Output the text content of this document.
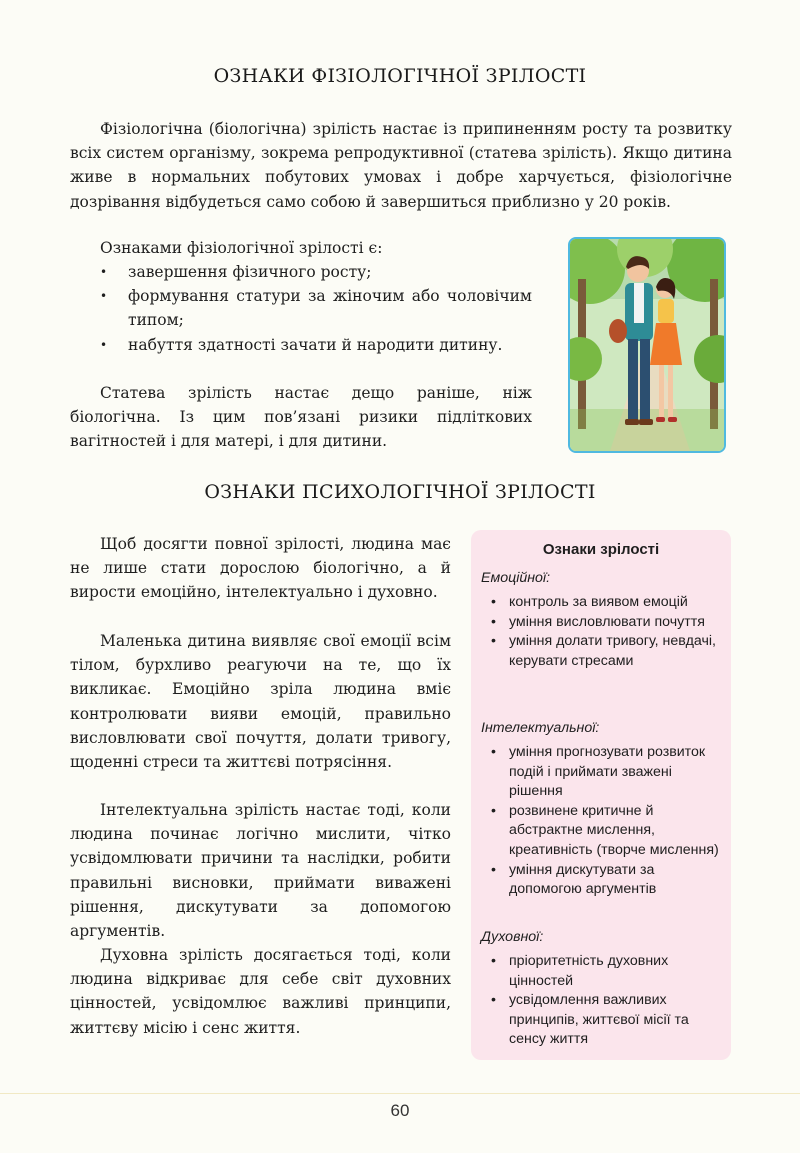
ОЗНАКИ ФІЗІОЛОГІЧНОЇ ЗРІЛОСТІ

Фізіологічна (біологічна) зрілість настає із припиненням росту та розвитку всіх систем організму, зокрема репродуктивної (статева зрілість). Якщо дитина живе в нормальних побутових умовах і добре харчується, фізіологічне дозрівання відбудеться само собою й завершиться приблизно у 20 років.

Ознаками фізіологічної зрілості є:

• завершення фізичного росту;
• формування статури за жіночим або чоловічим типом;
• набуття здатності зачати й народити дитину.

Статева зрілість настає дещо раніше, ніж біологічна. Із цим пов’язані ризики підліткових вагітностей і для матері, і для дитини.

ОЗНАКИ ПСИХОЛОГІЧНОЇ ЗРІЛОСТІ

Щоб досягти повної зрілості, людина має не лише стати дорослою біологічно, а й вирости емоційно, інтелектуально і духовно.

Маленька дитина виявляє свої емоції всім тілом, бурхливо реагуючи на те, що їх викликає. Емоційно зріла людина вміє контролювати вияви емоцій, правильно висловлювати свої почуття, долати тривогу, щоденні стреси та життєві потрясіння.

Інтелектуальна зрілість настає тоді, коли людина починає логічно мислити, чітко усвідомлювати причини та наслідки, робити правильні висновки, приймати виважені рішення, дискутувати за допомогою аргументів.

Духовна зрілість досягається тоді, коли людина відкриває для себе світ духовних цінностей, усвідомлює важливі принципи, життєву місію і сенс життя.

Ознаки зрілості
Емоційної:
• контроль за виявом емоцій
• уміння висловлювати почуття
• уміння долати тривогу, невдачі, керувати стресами
Інтелектуальної:
• уміння прогнозувати розвиток подій і приймати зважені рішення
• розвинене критичне й абстрактне мислення, креативність (творче мислення)
• уміння дискутувати за допомогою аргументів
Духовної:
• пріоритетність духовних цінностей
• усвідомлення важливих принципів, життєвої місії та сенсу життя
60
